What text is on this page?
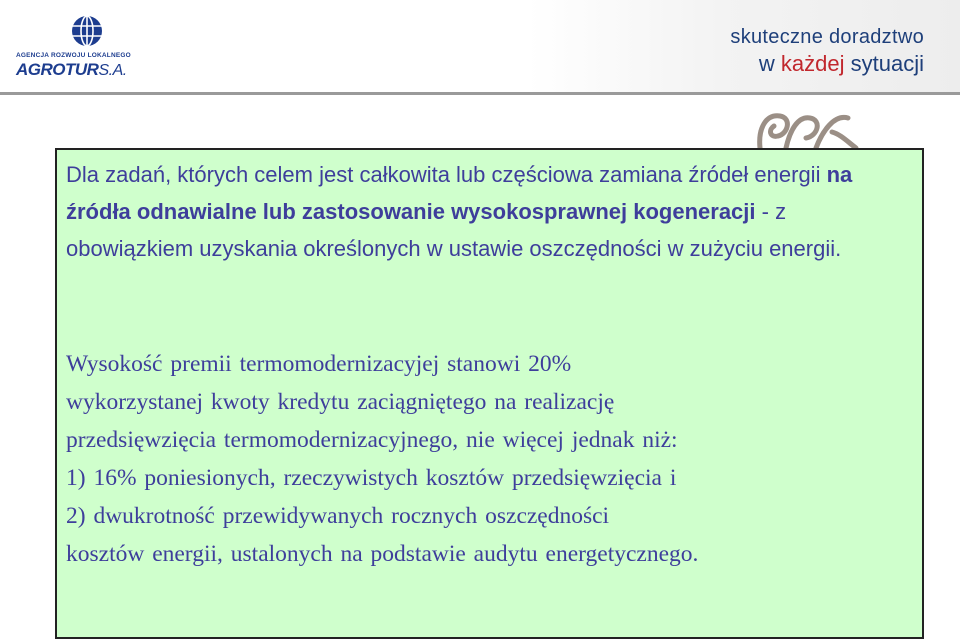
AGENCJA ROZWOJU LOKALNEGO
AGROTURS.A.
skuteczne doradztwo
w każdej sytuacji
Dla zadań, których celem jest całkowita lub częściowa zamiana źródeł energii na źródła odnawialne lub zastosowanie wysokosprawnej kogeneracji - z obowiązkiem uzyskania określonych w ustawie oszczędności w zużyciu energii.
Wysokość premii termomodernizacyjej stanowi 20%
wykorzystanej kwoty kredytu zaciągniętego na realizację
przedsięwzięcia termomodernizacyjnego, nie więcej jednak niż:
1) 16% poniesionych, rzeczywistych kosztów przedsięwzięcia i
2) dwukrotność przewidywanych rocznych oszczędności
kosztów energii, ustalonych na podstawie audytu energetycznego.
